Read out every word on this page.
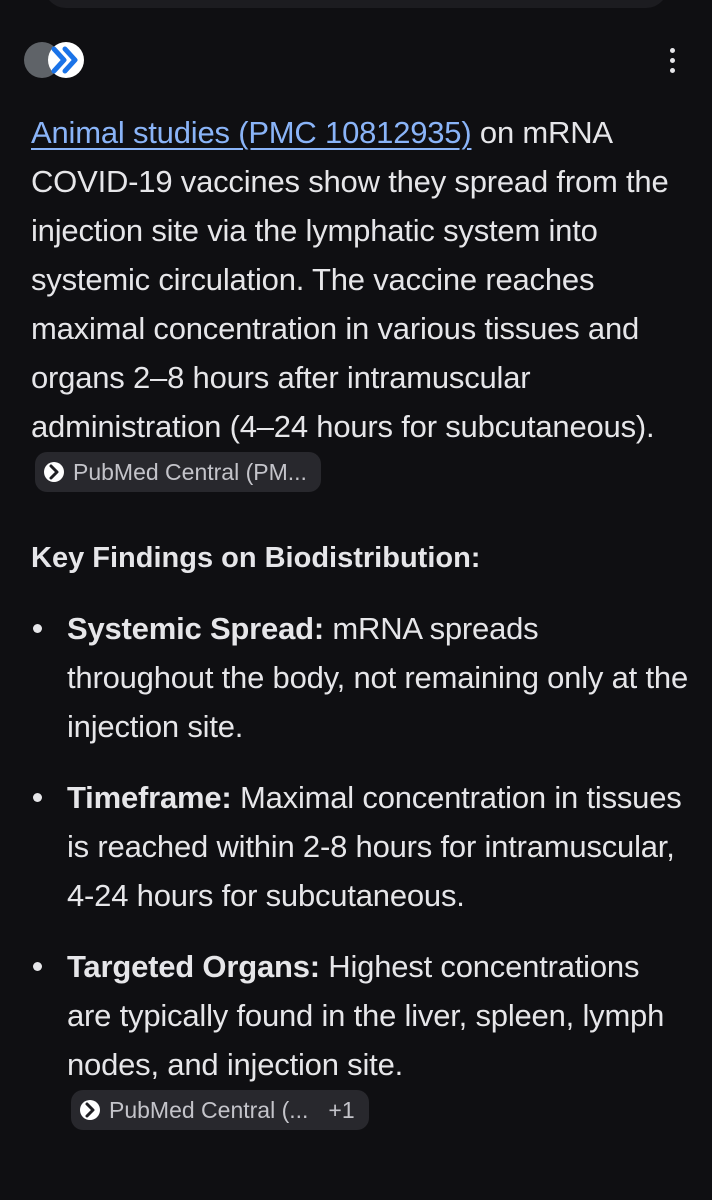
Animal studies (PMC 10812935) on mRNA COVID-19 vaccines show they spread from the injection site via the lymphatic system into systemic circulation. The vaccine reaches maximal concentration in various tissues and organs 2–8 hours after intramuscular administration (4–24 hours for subcutaneous).
PubMed Central (PM...

Key Findings on Biodistribution:
Systemic Spread: mRNA spreads throughout the body, not remaining only at the injection site.
Timeframe: Maximal concentration in tissues is reached within 2-8 hours for intramuscular, 4-24 hours for subcutaneous.
Targeted Organs: Highest concentrations are typically found in the liver, spleen, lymph nodes, and injection site.
PubMed Central (... +1
